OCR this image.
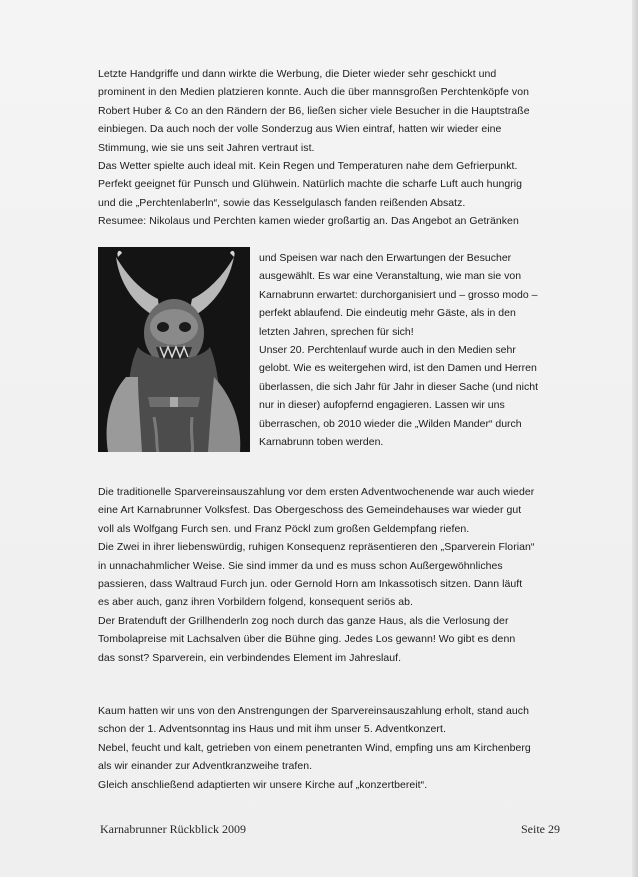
Letzte Handgriffe und dann wirkte die Werbung, die Dieter wieder sehr geschickt und
prominent in den Medien platzieren konnte. Auch die über mannsgroßen Perchtenköpfe von
Robert Huber & Co an den Rändern der B6, ließen sicher viele Besucher in die Hauptstraße
einbiegen. Da auch noch der volle Sonderzug aus Wien eintraf, hatten wir wieder eine
Stimmung, wie sie uns seit Jahren vertraut ist.
Das Wetter spielte auch ideal mit. Kein Regen und Temperaturen nahe dem Gefrierpunkt.
Perfekt geeignet für Punsch und Glühwein. Natürlich machte die scharfe Luft auch hungrig
und die „Perchtenlaberln“, sowie das Kesselgulasch fanden reißenden Absatz.
Resumee: Nikolaus und Perchten kamen wieder großartig an. Das Angebot an Getränken
und Speisen war nach den Erwartungen der Besucher
ausgewählt. Es war eine Veranstaltung, wie man sie von
Karnabrunn erwartet: durchorganisiert und – grosso modo –
perfekt ablaufend. Die eindeutig mehr Gäste, als in den
letzten Jahren, sprechen für sich!
Unser 20. Perchtenlauf wurde auch in den Medien sehr
gelobt. Wie es weitergehen wird, ist den Damen und Herren
überlassen, die sich Jahr für Jahr in dieser Sache (und nicht
nur in dieser) aufopfernd engagieren. Lassen wir uns
überraschen, ob 2010 wieder die „Wilden Mander“ durch
Karnabrunn toben werden.
Die traditionelle Sparvereinsauszahlung vor dem ersten Adventwochenende war auch wieder
eine Art Karnabrunner Volksfest. Das Obergeschoss des Gemeindehauses war wieder gut
voll als Wolfgang Furch sen. und Franz Pöckl zum großen Geldempfang riefen.
Die Zwei in ihrer liebenswürdig, ruhigen Konsequenz repräsentieren den „Sparverein Florian“
in unnachahmlicher Weise. Sie sind immer da und es muss schon Außergewöhnliches
passieren, dass Waltraud Furch jun. oder Gernold Horn am Inkassotisch sitzen. Dann läuft
es aber auch, ganz ihren Vorbildern folgend, konsequent seriös ab.
Der Bratenduft der Grillhenderln zog noch durch das ganze Haus, als die Verlosung der
Tombolapreise mit Lachsalven über die Bühne ging. Jedes Los gewann! Wo gibt es denn
das sonst? Sparverein, ein verbindendes Element im Jahreslauf.
Kaum hatten wir uns von den Anstrengungen der Sparvereinsauszahlung erholt, stand auch
schon der 1. Adventsonntag ins Haus und mit ihm unser 5. Adventkonzert.
Nebel, feucht und kalt, getrieben von einem penetranten Wind, empfing uns am Kirchenberg
als wir einander zur Adventkranzweihe trafen.
Gleich anschließend adaptierten wir unsere Kirche auf „konzertbereit“.
Karnabrunner Rückblick 2009	Seite 29
